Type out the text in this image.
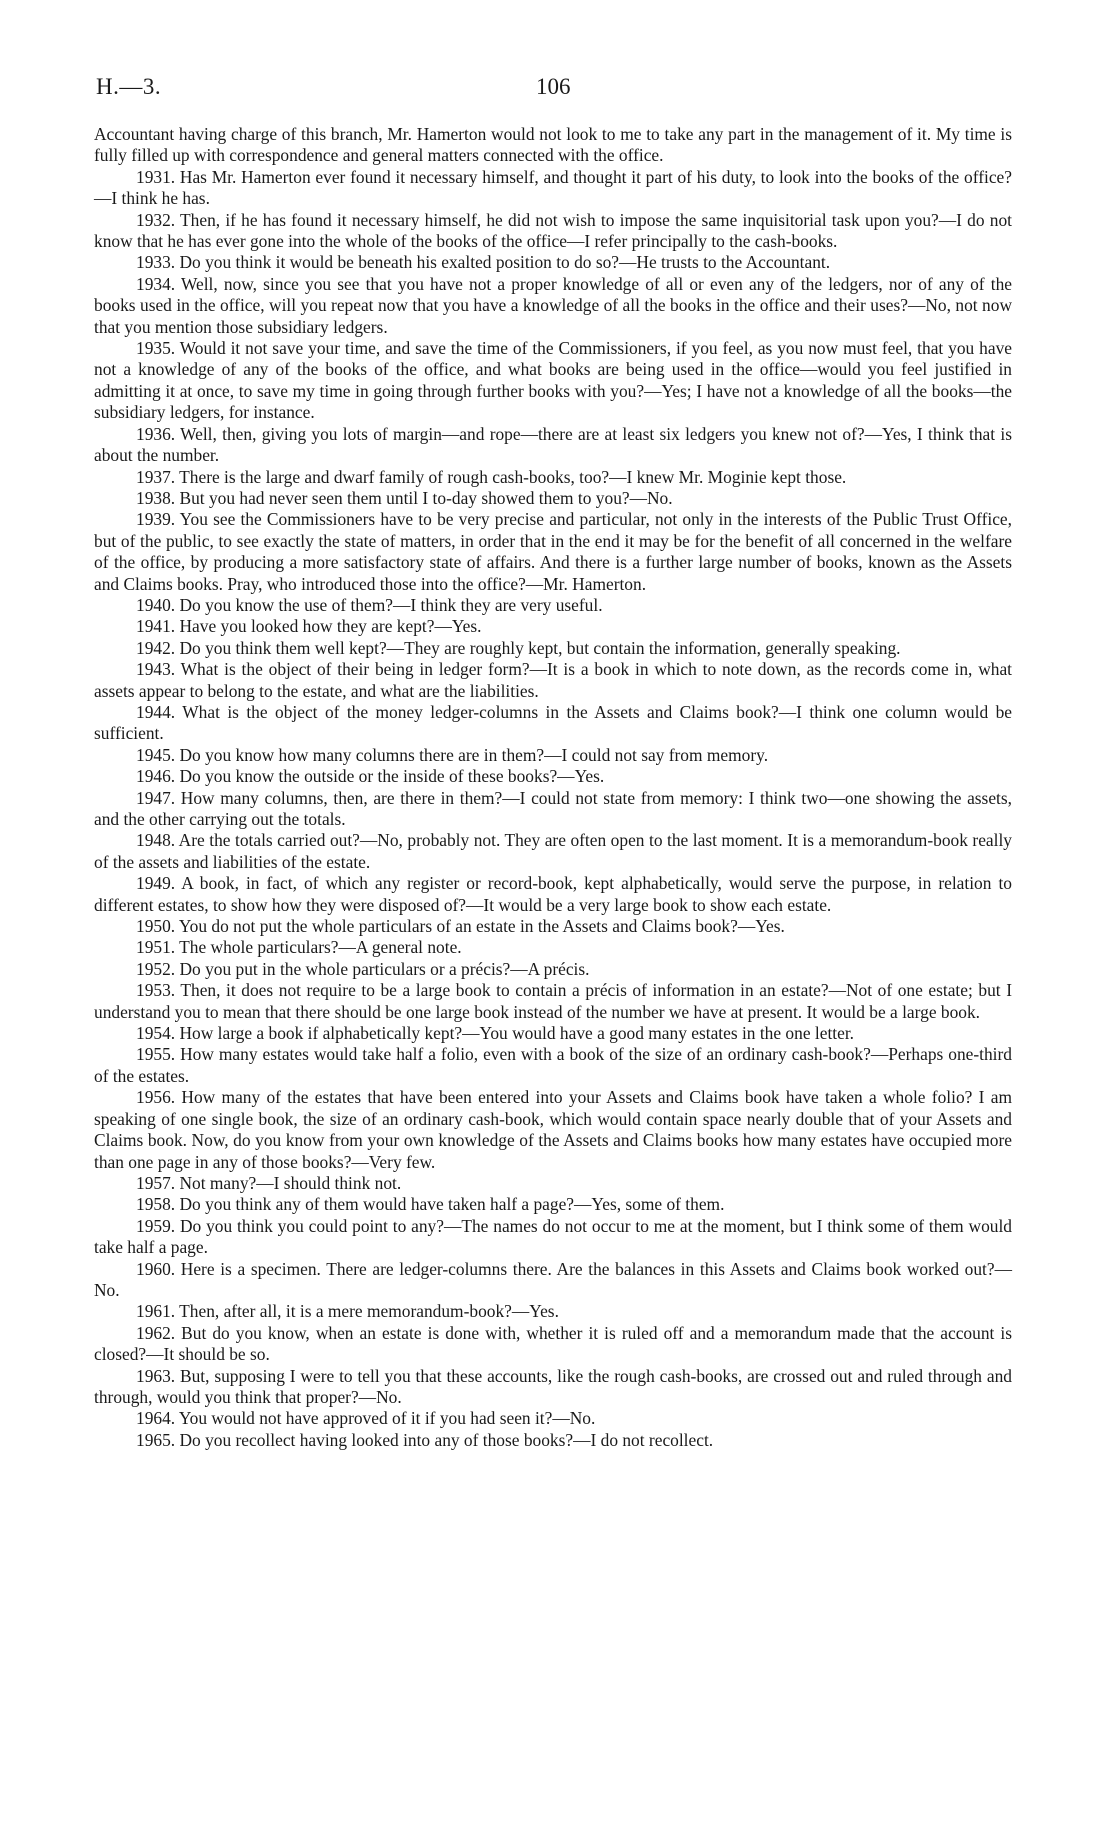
H.—3.	106

Accountant having charge of this branch, Mr. Hamerton would not look to me to take any part in the management of it. My time is fully filled up with correspondence and general matters connected with the office.

1931. Has Mr. Hamerton ever found it necessary himself, and thought it part of his duty, to look into the books of the office?—I think he has.

1932. Then, if he has found it necessary himself, he did not wish to impose the same inquisitorial task upon you?—I do not know that he has ever gone into the whole of the books of the office—I refer principally to the cash-books.

1933. Do you think it would be beneath his exalted position to do so?—He trusts to the Accountant.

1934. Well, now, since you see that you have not a proper knowledge of all or even any of the ledgers, nor of any of the books used in the office, will you repeat now that you have a knowledge of all the books in the office and their uses?—No, not now that you mention those subsidiary ledgers.

1935. Would it not save your time, and save the time of the Commissioners, if you feel, as you now must feel, that you have not a knowledge of any of the books of the office, and what books are being used in the office—would you feel justified in admitting it at once, to save my time in going through further books with you?—Yes; I have not a knowledge of all the books—the subsidiary ledgers, for instance.

1936. Well, then, giving you lots of margin—and rope—there are at least six ledgers you knew not of?—Yes, I think that is about the number.

1937. There is the large and dwarf family of rough cash-books, too?—I knew Mr. Moginie kept those.

1938. But you had never seen them until I to-day showed them to you?—No.

1939. You see the Commissioners have to be very precise and particular, not only in the interests of the Public Trust Office, but of the public, to see exactly the state of matters, in order that in the end it may be for the benefit of all concerned in the welfare of the office, by producing a more satisfactory state of affairs. And there is a further large number of books, known as the Assets and Claims books. Pray, who introduced those into the office?—Mr. Hamerton.

1940. Do you know the use of them?—I think they are very useful.

1941. Have you looked how they are kept?—Yes.

1942. Do you think them well kept?—They are roughly kept, but contain the information, generally speaking.

1943. What is the object of their being in ledger form?—It is a book in which to note down, as the records come in, what assets appear to belong to the estate, and what are the liabilities.

1944. What is the object of the money ledger-columns in the Assets and Claims book?—I think one column would be sufficient.

1945. Do you know how many columns there are in them?—I could not say from memory.

1946. Do you know the outside or the inside of these books?—Yes.

1947. How many columns, then, are there in them?—I could not state from memory: I think two—one showing the assets, and the other carrying out the totals.

1948. Are the totals carried out?—No, probably not. They are often open to the last moment. It is a memorandum-book really of the assets and liabilities of the estate.

1949. A book, in fact, of which any register or record-book, kept alphabetically, would serve the purpose, in relation to different estates, to show how they were disposed of?—It would be a very large book to show each estate.

1950. You do not put the whole particulars of an estate in the Assets and Claims book?—Yes.

1951. The whole particulars?—A general note.

1952. Do you put in the whole particulars or a précis?—A précis.

1953. Then, it does not require to be a large book to contain a précis of information in an estate?—Not of one estate; but I understand you to mean that there should be one large book instead of the number we have at present. It would be a large book.

1954. How large a book if alphabetically kept?—You would have a good many estates in the one letter.

1955. How many estates would take half a folio, even with a book of the size of an ordinary cash-book?—Perhaps one-third of the estates.

1956. How many of the estates that have been entered into your Assets and Claims book have taken a whole folio? I am speaking of one single book, the size of an ordinary cash-book, which would contain space nearly double that of your Assets and Claims book. Now, do you know from your own knowledge of the Assets and Claims books how many estates have occupied more than one page in any of those books?—Very few.

1957. Not many?—I should think not.

1958. Do you think any of them would have taken half a page?—Yes, some of them.

1959. Do you think you could point to any?—The names do not occur to me at the moment, but I think some of them would take half a page.

1960. Here is a specimen. There are ledger-columns there. Are the balances in this Assets and Claims book worked out?—No.

1961. Then, after all, it is a mere memorandum-book?—Yes.

1962. But do you know, when an estate is done with, whether it is ruled off and a memorandum made that the account is closed?—It should be so.

1963. But, supposing I were to tell you that these accounts, like the rough cash-books, are crossed out and ruled through and through, would you think that proper?—No.

1964. You would not have approved of it if you had seen it?—No.

1965. Do you recollect having looked into any of those books?—I do not recollect.
